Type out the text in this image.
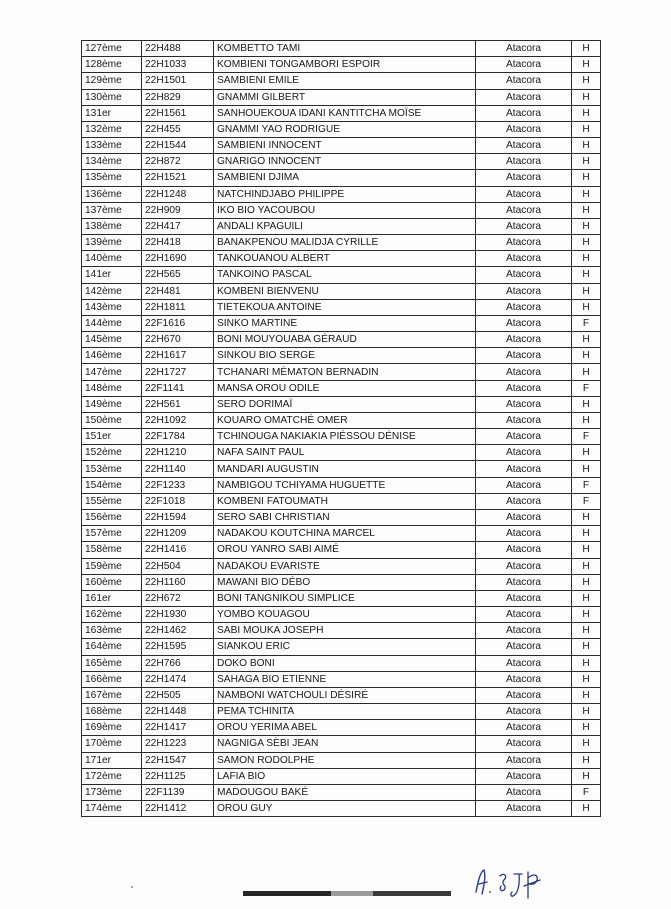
127ème	22H488	KOMBETTO TAMI	Atacora	H
128ème	22H1033	KOMBIENI TONGAMBORI ESPOIR	Atacora	H
129ème	22H1501	SAMBIENI EMILE	Atacora	H
130ème	22H829	GNAMMI GILBERT	Atacora	H
131er	22H1561	SANHOUEKOUA IDANI KANTITCHA MOÏSE	Atacora	H
132ème	22H455	GNAMMI YAO RODRIGUE	Atacora	H
133ème	22H1544	SAMBIENI INNOCENT	Atacora	H
134ème	22H872	GNARIGO INNOCENT	Atacora	H
135ème	22H1521	SAMBIENI DJIMA	Atacora	H
136ème	22H1248	NATCHINDJABO PHILIPPE	Atacora	H
137ème	22H909	IKO BIO YACOUBOU	Atacora	H
138ème	22H417	ANDALI KPAGUILI	Atacora	H
139ème	22H418	BANAKPENOU MALIDJA CYRILLE	Atacora	H
140ème	22H1690	TANKOUANOU ALBERT	Atacora	H
141er	22H565	TANKOINO PASCAL	Atacora	H
142ème	22H481	KOMBENI BIENVENU	Atacora	H
143ème	22H1811	TIETEKOUA ANTOINE	Atacora	H
144ème	22F1616	SINKO MARTINE	Atacora	F
145ème	22H670	BONI MOUYOUABA GÉRAUD	Atacora	H
146ème	22H1617	SINKOU BIO SERGE	Atacora	H
147ème	22H1727	TCHANARI MÈMATON BERNADIN	Atacora	H
148ème	22F1141	MANSA OROU ODILE	Atacora	F
149ème	22H561	SERO DORIMAÏ	Atacora	H
150ème	22H1092	KOUARO OMATCHÉ OMER	Atacora	H
151er	22F1784	TCHINOUGA NAKIAKIA PIÉSSOU DÉNISE	Atacora	F
152ème	22H1210	NAFA SAINT PAUL	Atacora	H
153ème	22H1140	MANDARI AUGUSTIN	Atacora	H
154ème	22F1233	NAMBIGOU TCHIYAMA HUGUETTE	Atacora	F
155ème	22F1018	KOMBENI FATOUMATH	Atacora	F
156ème	22H1594	SERO SABI CHRISTIAN	Atacora	H
157ème	22H1209	NADAKOU KOUTCHINA MARCEL	Atacora	H
158ème	22H1416	OROU YANRO SABI AIMÉ	Atacora	H
159ème	22H504	NADAKOU EVARISTE	Atacora	H
160ème	22H1160	MAWANI BIO DÉBO	Atacora	H
161er	22H672	BONI TANGNIKOU SIMPLICE	Atacora	H
162ème	22H1930	YOMBO KOUAGOU	Atacora	H
163ème	22H1462	SABI MOUKA JOSEPH	Atacora	H
164ème	22H1595	SIANKOU ERIC	Atacora	H
165ème	22H766	DOKO BONI	Atacora	H
166ème	22H1474	SAHAGA BIO ETIENNE	Atacora	H
167ème	22H505	NAMBONI WATCHOULI DÉSIRÉ	Atacora	H
168ème	22H1448	PEMA TCHINITA	Atacora	H
169ème	22H1417	OROU YERIMA ABEL	Atacora	H
170ème	22H1223	NAGNIGA SÈBI JEAN	Atacora	H
171er	22H1547	SAMON RODOLPHE	Atacora	H
172ème	22H1125	LAFIA BIO	Atacora	H
173ème	22F1139	MADOUGOU BAKÉ	Atacora	F
174ème	22H1412	OROU GUY	Atacora	H
